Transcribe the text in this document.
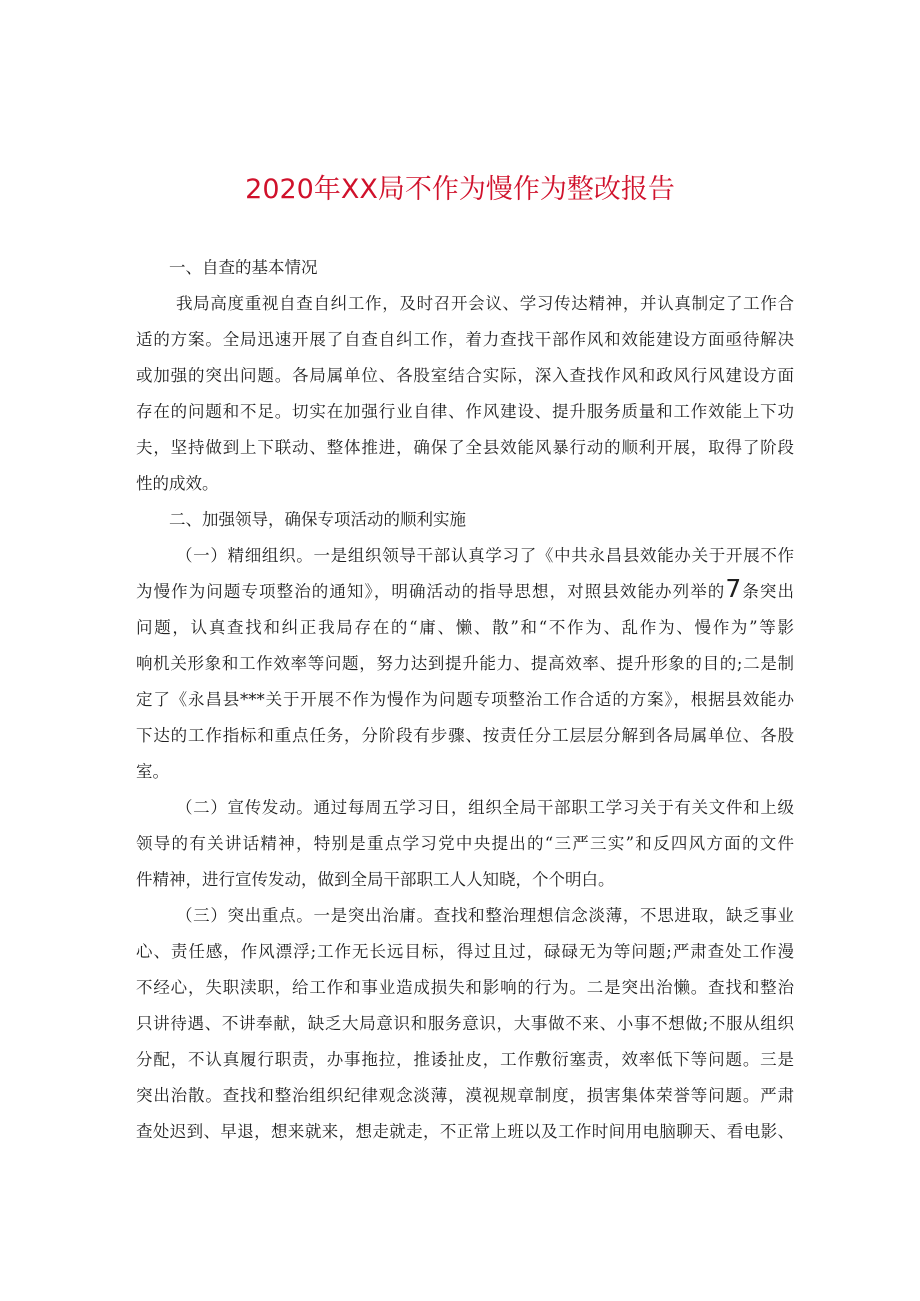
2020年XX局不作为慢作为整改报告
一、自查的基本情况

我局高度重视自查自纠工作，及时召开会议、学习传达精神，并认真制定了工作合
适的方案。全局迅速开展了自查自纠工作，着力查找干部作风和效能建设方面亟待解决
或加强的突出问题。各局属单位、各股室结合实际，深入查找作风和政风行风建设方面
存在的问题和不足。切实在加强行业自律、作风建设、提升服务质量和工作效能上下功
夫，坚持做到上下联动、整体推进，确保了全县效能风暴行动的顺利开展，取得了阶段
性的成效。

二、加强领导，确保专项活动的顺利实施

（一）精细组织。一是组织领导干部认真学习了《中共永昌县效能办关于开展不作
为慢作为问题专项整治的通知》，明确活动的指导思想，对照县效能办列举的7条突出
问题，认真查找和纠正我局存在的“庸、懒、散”和“不作为、乱作为、慢作为”等影
响机关形象和工作效率等问题，努力达到提升能力、提高效率、提升形象的目的;二是制
定了《永昌县***关于开展不作为慢作为问题专项整治工作合适的方案》，根据县效能办
下达的工作指标和重点任务，分阶段有步骤、按责任分工层层分解到各局属单位、各股
室。

（二）宣传发动。通过每周五学习日，组织全局干部职工学习关于有关文件和上级
领导的有关讲话精神，特别是重点学习党中央提出的“三严三实”和反四风方面的文件
件精神，进行宣传发动，做到全局干部职工人人知晓，个个明白。

（三）突出重点。一是突出治庸。查找和整治理想信念淡薄，不思进取，缺乏事业
心、责任感，作风漂浮;工作无长远目标，得过且过，碌碌无为等问题;严肃查处工作漫
不经心，失职渎职，给工作和事业造成损失和影响的行为。二是突出治懒。查找和整治
只讲待遇、不讲奉献，缺乏大局意识和服务意识，大事做不来、小事不想做;不服从组织
分配，不认真履行职责，办事拖拉，推诿扯皮，工作敷衍塞责，效率低下等问题。三是
突出治散。查找和整治组织纪律观念淡薄，漠视规章制度，损害集体荣誉等问题。严肃
查处迟到、早退，想来就来，想走就走，不正常上班以及工作时间用电脑聊天、看电影、
